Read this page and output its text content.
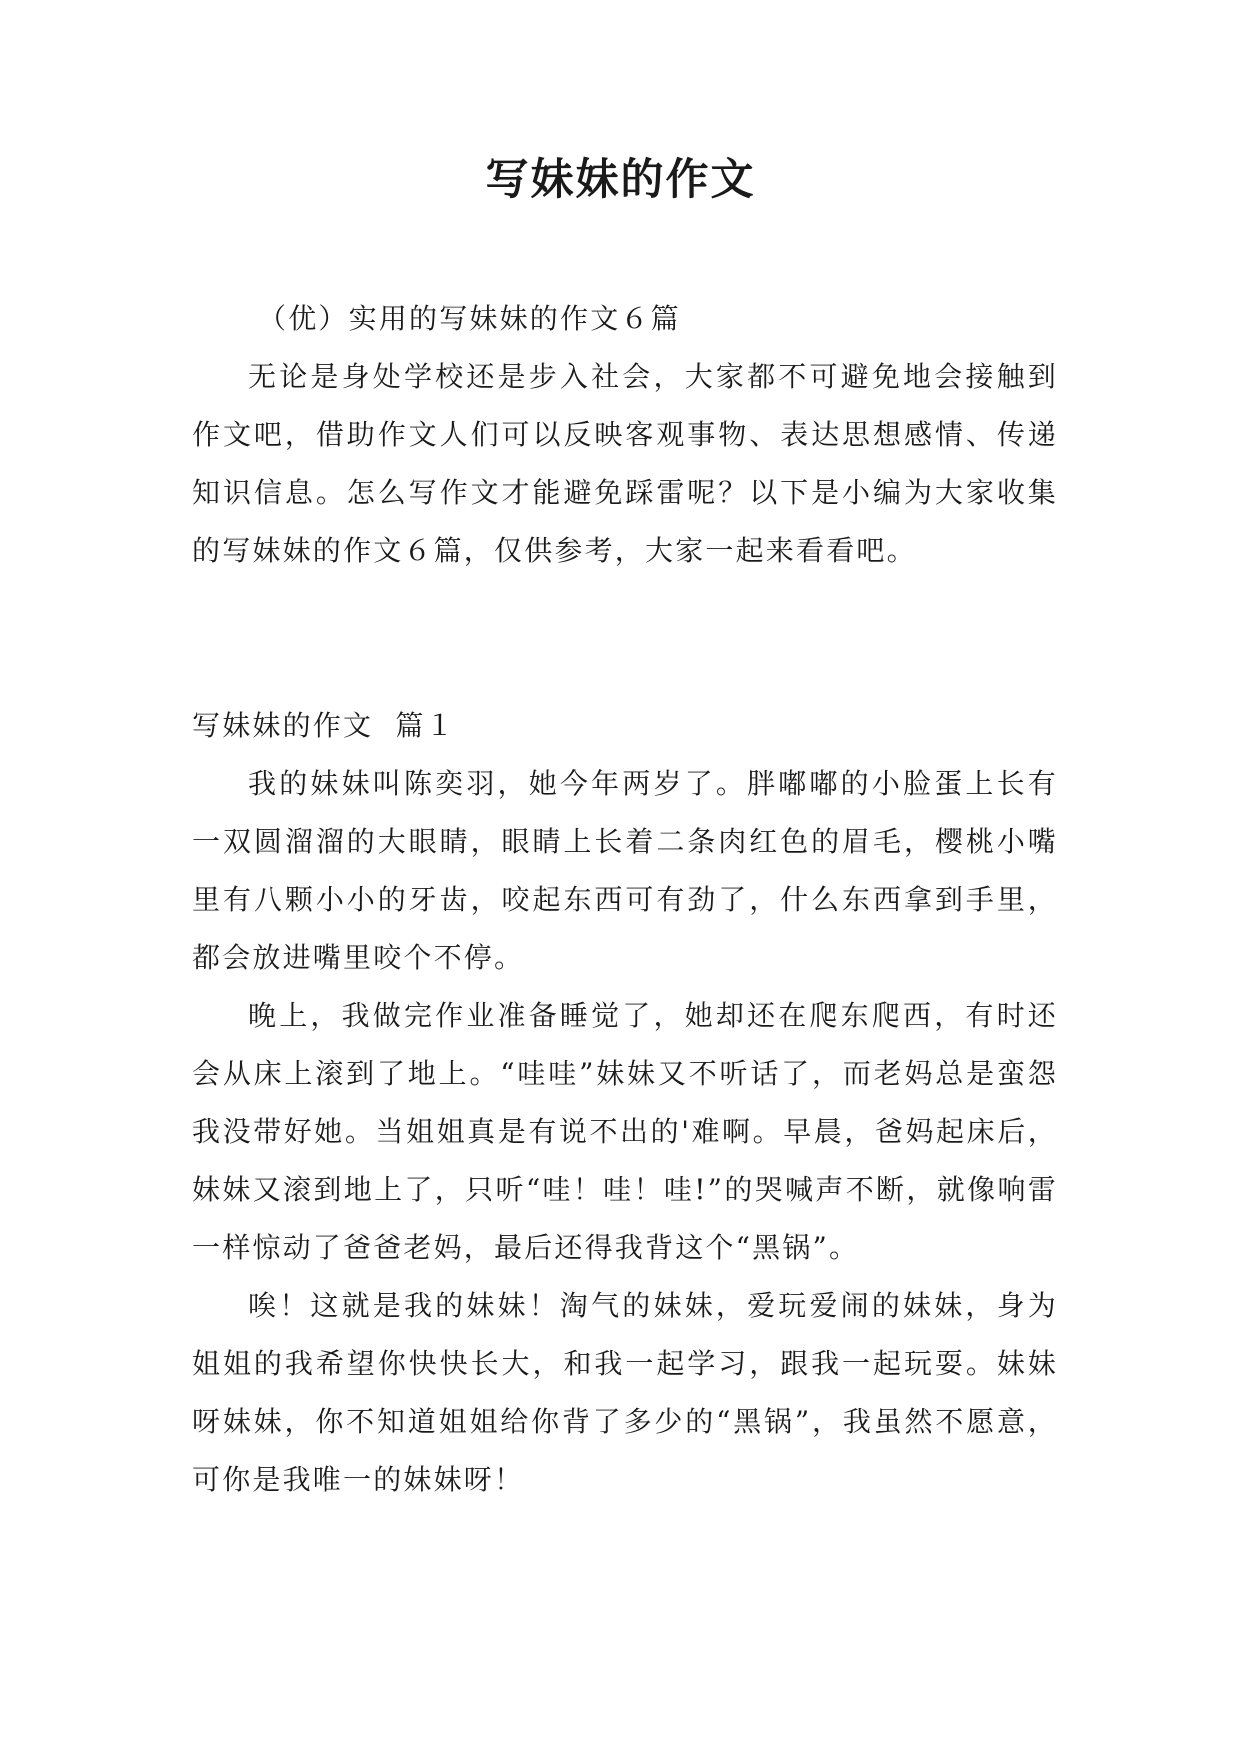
写妹妹的作文

（优）实用的写妹妹的作文６篇

无论是身处学校还是步入社会，大家都不可避免地会接触到作文吧，借助作文人们可以反映客观事物、表达思想感情、传递知识信息。怎么写作文才能避免踩雷呢？以下是小编为大家收集的写妹妹的作文６篇，仅供参考，大家一起来看看吧。

写妹妹的作文  篇１

我的妹妹叫陈奕羽，她今年两岁了。胖嘟嘟的小脸蛋上长有一双圆溜溜的大眼睛，眼睛上长着二条肉红色的眉毛，樱桃小嘴里有八颗小小的牙齿，咬起东西可有劲了，什么东西拿到手里，都会放进嘴里咬个不停。

晚上，我做完作业准备睡觉了，她却还在爬东爬西，有时还会从床上滚到了地上。“哇哇”妹妹又不听话了，而老妈总是蛮怨我没带好她。当姐姐真是有说不出的'难啊。早晨，爸妈起床后，妹妹又滚到地上了，只听“哇！哇！哇!”的哭喊声不断，就像响雷一样惊动了爸爸老妈，最后还得我背这个“黑锅”。

唉！这就是我的妹妹！淘气的妹妹，爱玩爱闹的妹妹，身为姐姐的我希望你快快长大，和我一起学习，跟我一起玩耍。妹妹呀妹妹，你不知道姐姐给你背了多少的“黑锅”，我虽然不愿意，可你是我唯一的妹妹呀！
